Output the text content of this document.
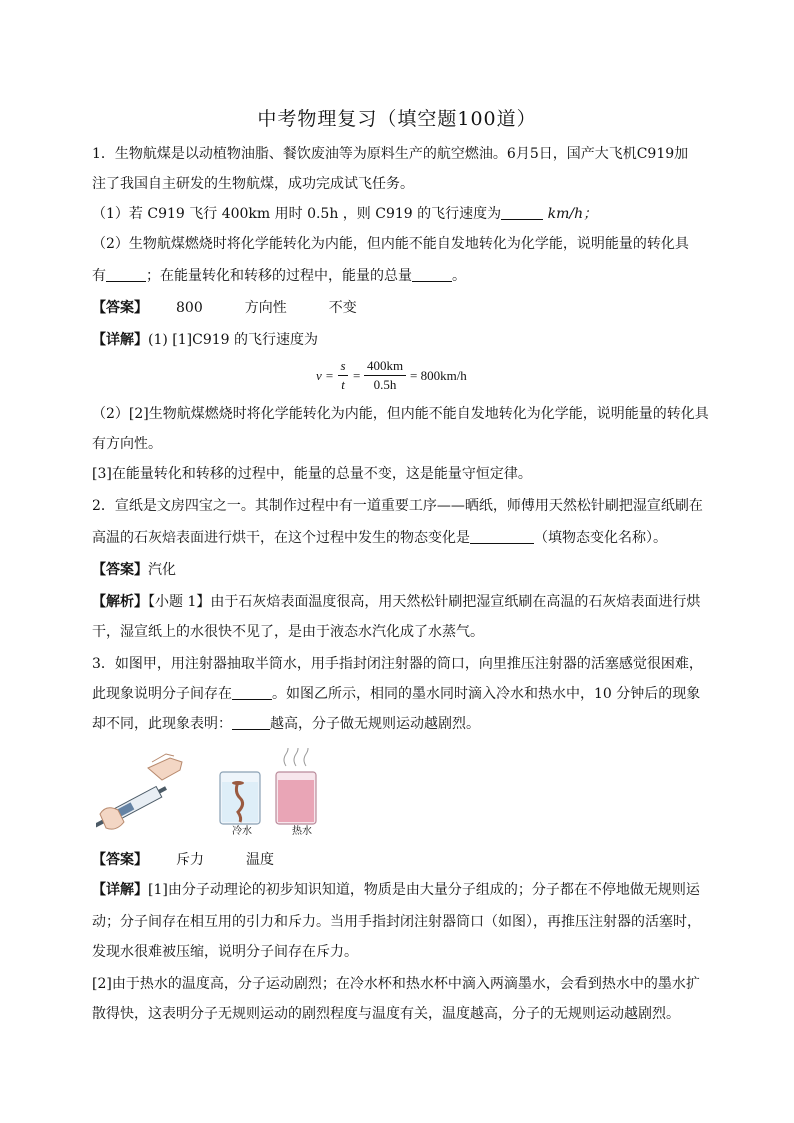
中考物理复习（填空题100道）
1．生物航煤是以动植物油脂、餐饮废油等为原料生产的航空燃油。6月5日，国产大飞机C919加
注了我国自主研发的生物航煤，成功完成试飞任务。
（1）若 C919 飞行 400km 用时 0.5h ，则 C919 的飞行速度为	km/h；
（2）生物航煤燃烧时将化学能转化为内能，但内能不能自发地转化为化学能，说明能量的转化具
有	；在能量转化和转移的过程中，能量的总量	。
【答案】 800	方向性	不变
【详解】(1) [1]C919 的飞行速度为
v =
s
t
=
400km
0.5h
= 800km/h
（2）[2]生物航煤燃烧时将化学能转化为内能，但内能不能自发地转化为化学能，说明能量的转化具
有方向性。
[3]在能量转化和转移的过程中，能量的总量不变，这是能量守恒定律。
2．宣纸是文房四宝之一。其制作过程中有一道重要工序——晒纸，师傅用天然松针刷把湿宣纸刷在
高温的石灰焙表面进行烘干，在这个过程中发生的物态变化是	（填物态变化名称）。
【答案】汽化
【解析】【小题 1】由于石灰焙表面温度很高，用天然松针刷把湿宣纸刷在高温的石灰焙表面进行烘
干，湿宣纸上的水很快不见了，是由于液态水汽化成了水蒸气。
3．如图甲，用注射器抽取半筒水，用手指封闭注射器的筒口，向里推压注射器的活塞感觉很困难，
此现象说明分子间存在	。如图乙所示，相同的墨水同时滴入冷水和热水中，10 分钟后的现象
却不同，此现象表明：	越高，分子做无规则运动越剧烈。
冷水	热水
【答案】 斥力	温度
【详解】[1]由分子动理论的初步知识知道，物质是由大量分子组成的；分子都在不停地做无规则运
动；分子间存在相互用的引力和斥力。当用手指封闭注射器筒口（如图），再推压注射器的活塞时，
发现水很难被压缩，说明分子间存在斥力。
[2]由于热水的温度高，分子运动剧烈；在冷水杯和热水杯中滴入两滴墨水，会看到热水中的墨水扩
散得快，这表明分子无规则运动的剧烈程度与温度有关，温度越高，分子的无规则运动越剧烈。
